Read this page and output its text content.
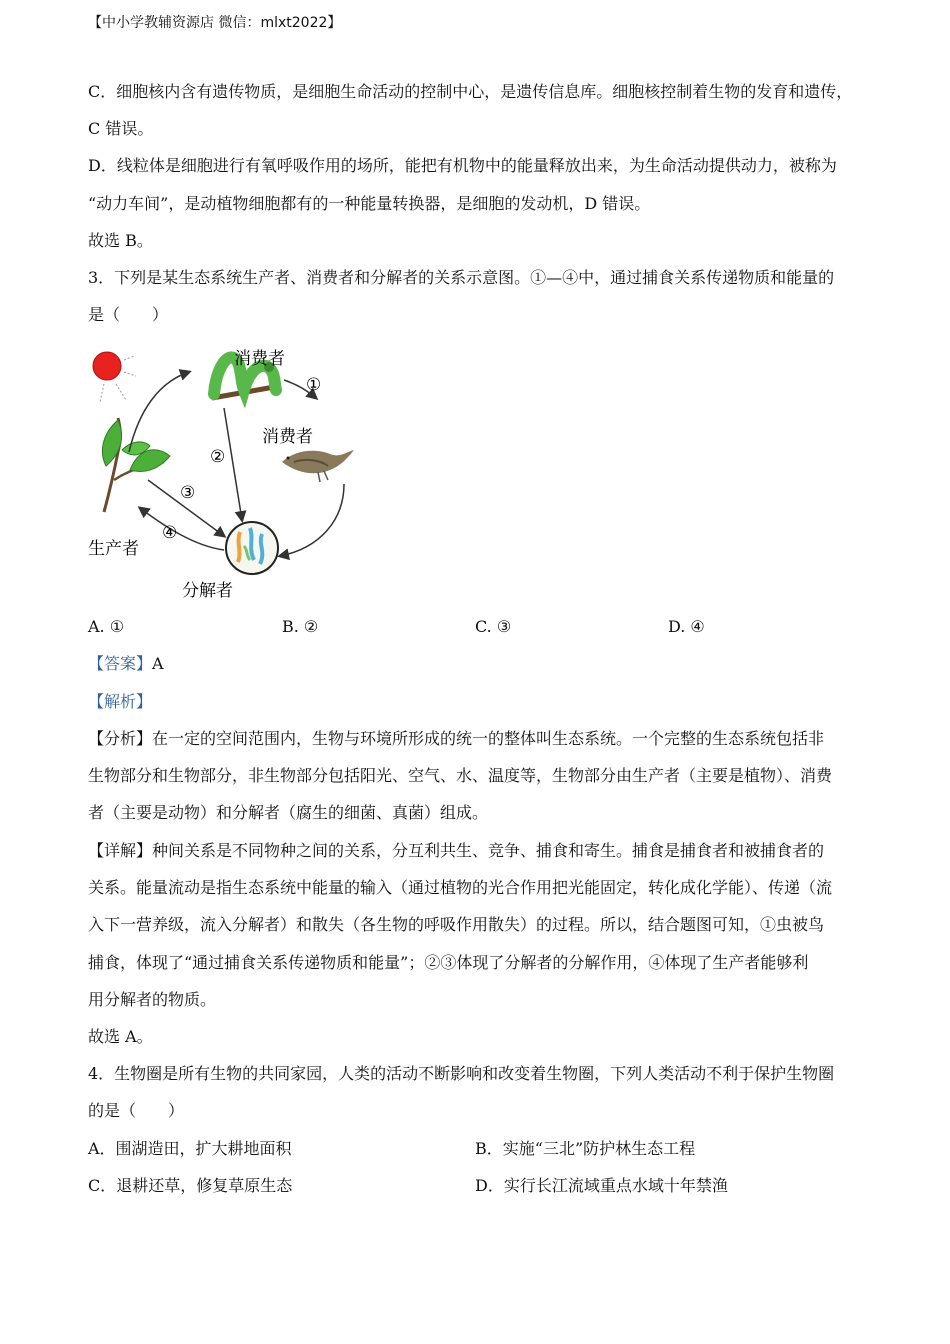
【中小学教辅资源店 微信：mlxt2022】
C．细胞核内含有遗传物质，是细胞生命活动的控制中心，是遗传信息库。细胞核控制着生物的发育和遗传，
C 错误。
D．线粒体是细胞进行有氧呼吸作用的场所，能把有机物中的能量释放出来，为生命活动提供动力，被称为
“动力车间”，是动植物细胞都有的一种能量转换器，是细胞的发动机，D 错误。
故选 B。
3．下列是某生态系统生产者、消费者和分解者的关系示意图。①—④中，通过捕食关系传递物质和能量的
是（　　）
消费者
消费者
生产者
分解者
①
②
③
④
A. ①	B. ②	C. ③	D. ④
【答案】A
【解析】
【分析】在一定的空间范围内，生物与环境所形成的统一的整体叫生态系统。一个完整的生态系统包括非
生物部分和生物部分，非生物部分包括阳光、空气、水、温度等，生物部分由生产者（主要是植物）、消费
者（主要是动物）和分解者（腐生的细菌、真菌）组成。
【详解】种间关系是不同物种之间的关系，分互利共生、竞争、捕食和寄生。捕食是捕食者和被捕食者的
关系。能量流动是指生态系统中能量的输入（通过植物的光合作用把光能固定，转化成化学能）、传递（流
入下一营养级，流入分解者）和散失（各生物的呼吸作用散失）的过程。所以，结合题图可知，①虫被鸟
捕食，体现了“通过捕食关系传递物质和能量”；②③体现了分解者的分解作用，④体现了生产者能够利
用分解者的物质。
故选 A。
4．生物圈是所有生物的共同家园，人类的活动不断影响和改变着生物圈，下列人类活动不利于保护生物圈
的是（　　）
A．围湖造田，扩大耕地面积	B．实施“三北”防护林生态工程
C．退耕还草，修复草原生态	D．实行长江流域重点水域十年禁渔
